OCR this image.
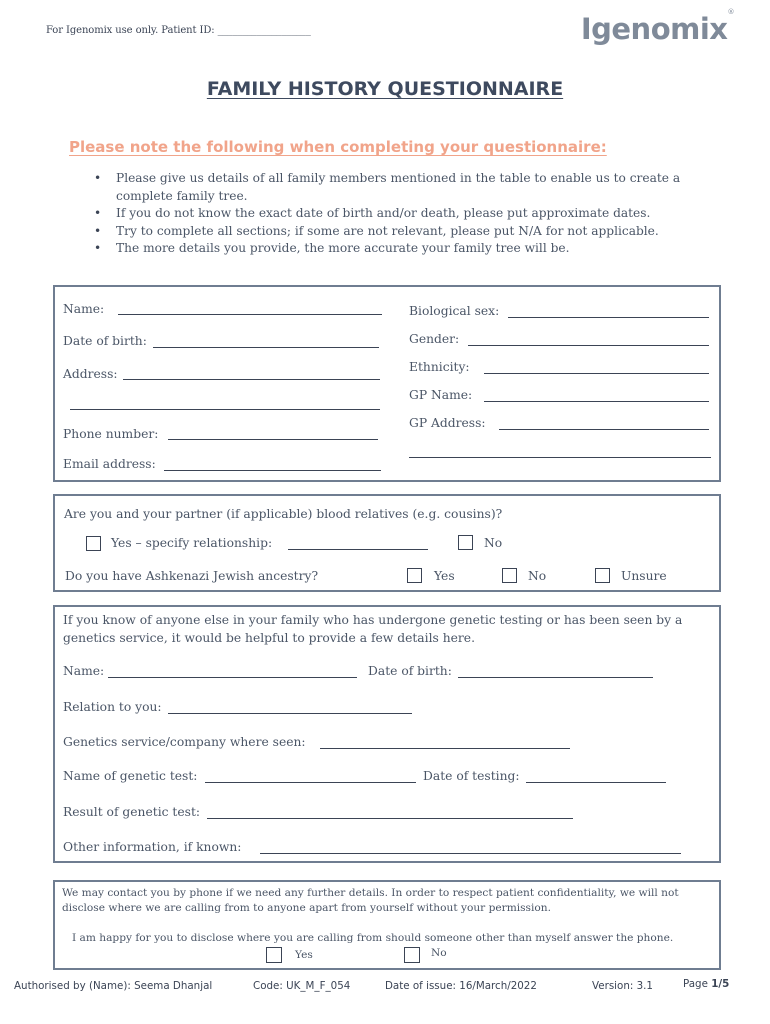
For Igenomix use only. Patient ID: ___________________	Igenomix®
FAMILY HISTORY QUESTIONNAIRE
Please note the following when completing your questionnaire:
• Please give us details of all family members mentioned in the table to enable us to create a complete family tree.
• If you do not know the exact date of birth and/or death, please put approximate dates.
• Try to complete all sections; if some are not relevant, please put N/A for not applicable.
• The more details you provide, the more accurate your family tree will be.
Name:
Date of birth:
Address:
Phone number:
Email address:
Biological sex:
Gender:
Ethnicity:
GP Name:
GP Address:
Are you and your partner (if applicable) blood relatives (e.g. cousins)?
Yes – specify relationship:	No
Do you have Ashkenazi Jewish ancestry?	Yes	No	Unsure
If you know of anyone else in your family who has undergone genetic testing or has been seen by a genetics service, it would be helpful to provide a few details here.
Name:	Date of birth:
Relation to you:
Genetics service/company where seen:
Name of genetic test:	Date of testing:
Result of genetic test:
Other information, if known:
We may contact you by phone if we need any further details. In order to respect patient confidentiality, we will not disclose where we are calling from to anyone apart from yourself without your permission.
I am happy for you to disclose where you are calling from should someone other than myself answer the phone.
Yes	No
Authorised by (Name): Seema Dhanjal	Code: UK_M_F_054	Date of issue: 16/March/2022	Version: 3.1	Page 1/5
